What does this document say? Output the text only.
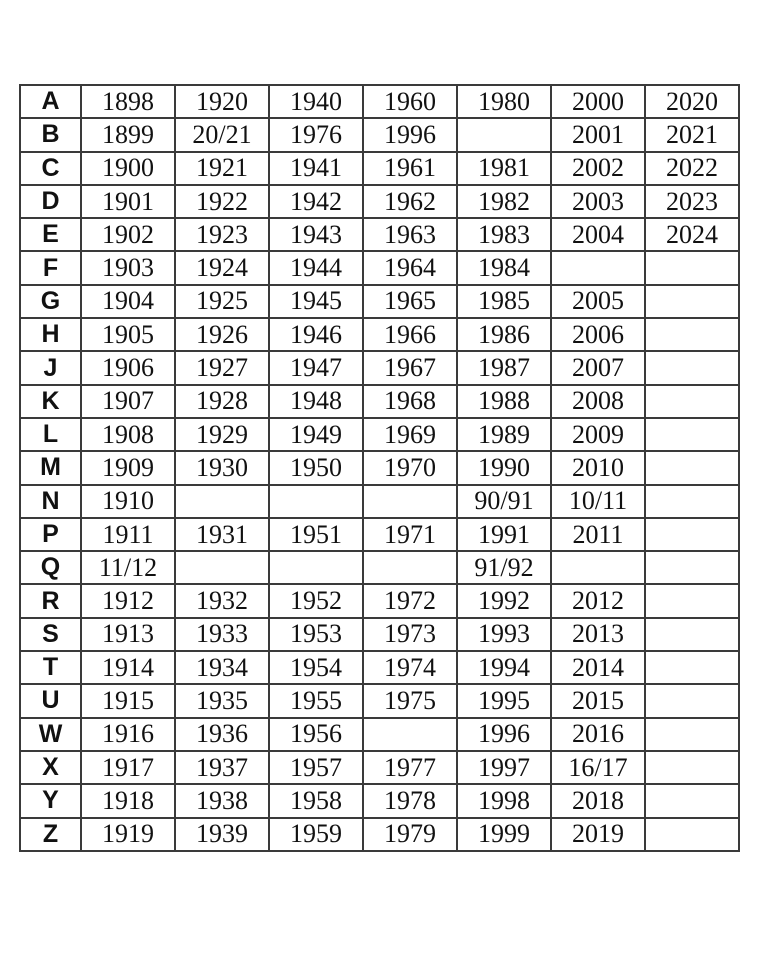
A	1898	1920	1940	1960	1980	2000	2020
B	1899	20/21	1976	1996		2001	2021
C	1900	1921	1941	1961	1981	2002	2022
D	1901	1922	1942	1962	1982	2003	2023
E	1902	1923	1943	1963	1983	2004	2024
F	1903	1924	1944	1964	1984		
G	1904	1925	1945	1965	1985	2005	
H	1905	1926	1946	1966	1986	2006	
J	1906	1927	1947	1967	1987	2007	
K	1907	1928	1948	1968	1988	2008	
L	1908	1929	1949	1969	1989	2009	
M	1909	1930	1950	1970	1990	2010	
N	1910				90/91	10/11	
P	1911	1931	1951	1971	1991	2011	
Q	11/12				91/92		
R	1912	1932	1952	1972	1992	2012	
S	1913	1933	1953	1973	1993	2013	
T	1914	1934	1954	1974	1994	2014	
U	1915	1935	1955	1975	1995	2015	
W	1916	1936	1956		1996	2016	
X	1917	1937	1957	1977	1997	16/17	
Y	1918	1938	1958	1978	1998	2018	
Z	1919	1939	1959	1979	1999	2019	
